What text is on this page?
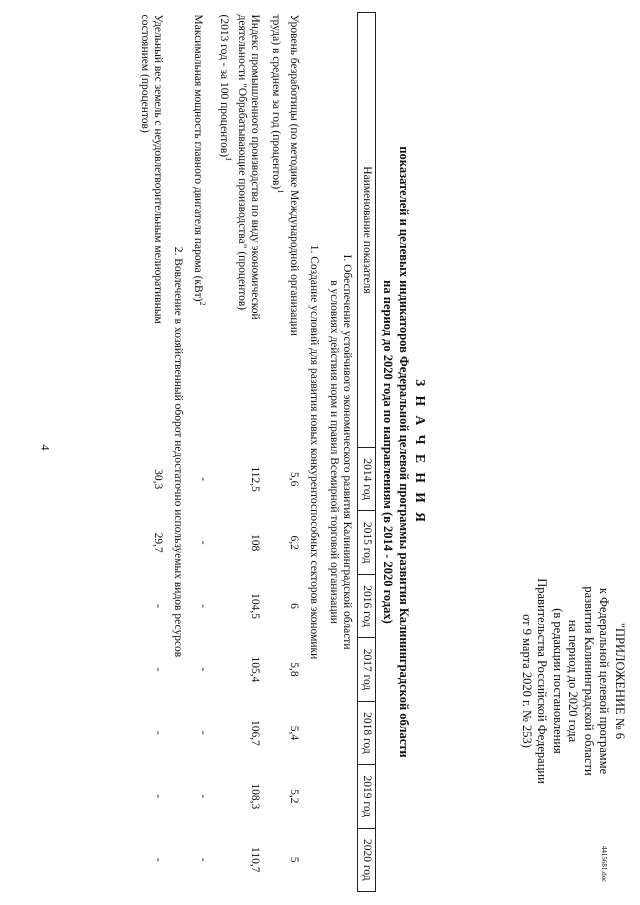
4
4415681.doc
"ПРИЛОЖЕНИЕ № 6
к Федеральной целевой программе
развития Калининградской области
на период до 2020 года
(в редакции постановления
Правительства Российской Федерации
от 9 марта 2020 г. № 253)
З Н А Ч Е Н И Я
показателей и целевых индикаторов Федеральной целевой программы развития Калининградской области
на период до 2020 года по направлениям (в 2014 - 2020 годах)
Наименование показателя	2014 год	2015 год	2016 год	2017 год	2018 год	2019 год	2020 год

I. Обеспечение устойчивого экономического развития Калининградской области
в условиях действия норм и правил Всемирной торговой организации							

1. Создание условий для развития новых конкурентоспособных секторов экономики							

Уровень безработицы (по методике Международной организации
труда) в среднем за год (процентов)$^1$	5,6	6,2	6	5,8	5,4	5,2	5

Индекс промышленного производства по виду экономической
деятельности "Обрабатывающие производства" (процентов)
(2013 год - за 100 процентов)$^1$	112,5	108	104,5	105,4	106,7	108,3	110,7

Максимальная мощность главного двигателя парома (кВт)$^2$	-	-	-	-	-	-	-
2. Вовлечение в хозяйственный оборот недостаточно используемых видов ресурсов							

Удельный вес земель с неудовлетворительным мелиоративным
состоянием (процентов)	30,3	29,7	-	-	-	-	-
